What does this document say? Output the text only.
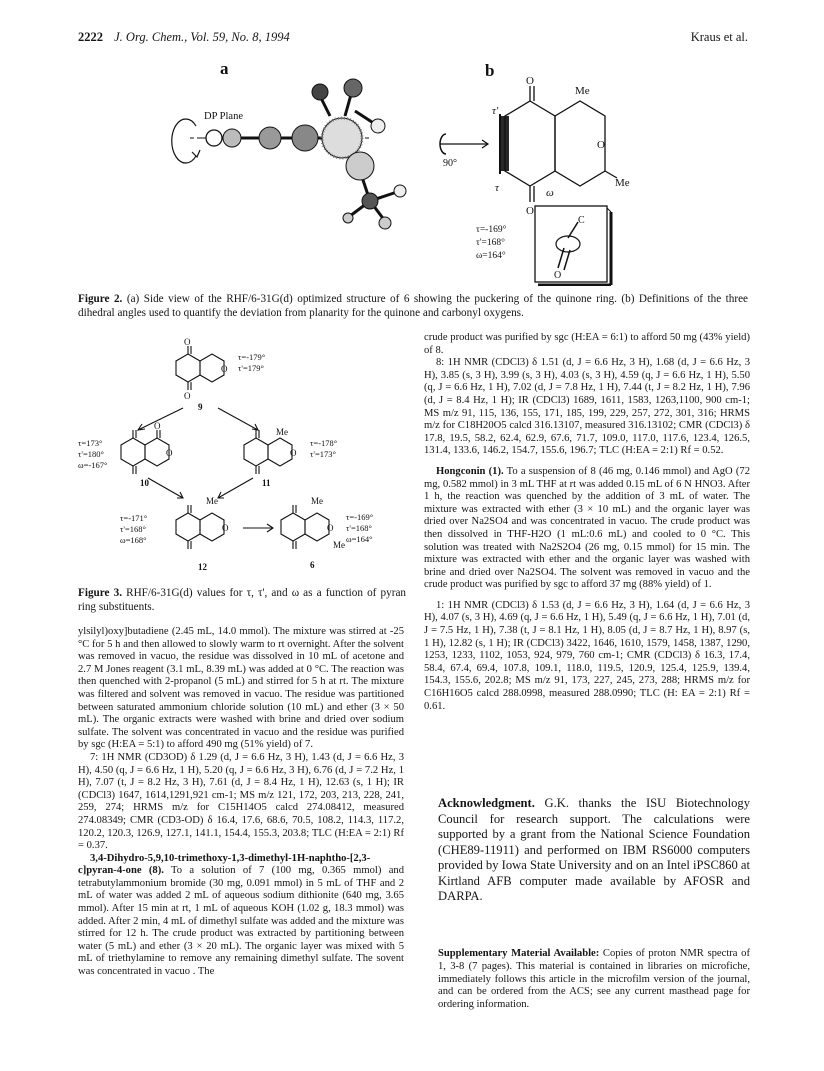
2222 J. Org. Chem., Vol. 59, No. 8, 1994	Kraus et al.
a
DP Plane
90°
b
O
O
O
Me
Me
τ'
τ	ω
τ=-169°
τ'=168°
ω=164°
C
O
Figure 2. (a) Side view of the RHF/6-31G(d) optimized structure of 6 showing the puckering of the quinone ring. (b) Definitions of the three dihedral angles used to quantify the deviation from planarity for the quinone and carbonyl oxygens.
O
O
O
9
τ=-179°
τ'=179°
O
O
10
τ=173°
τ'=180°
ω=-167°
Me
O
11
τ=-178°
τ'=173°
Me
O
12
τ=-171°
τ'=168°
ω=168°
Me
O
Me
6
τ=-169°
τ'=168°
ω=164°
Figure 3. RHF/6-31G(d) values for τ, τ', and ω as a function of pyran ring substituents.

ylsilyl)oxy]butadiene (2.45 mL, 14.0 mmol). The mixture was stirred at -25 °C for 5 h and then allowed to slowly warm to rt overnight. After the solvent was removed in vacuo, the residue was dissolved in 10 mL of acetone and 2.7 M Jones reagent (3.1 mL, 8.39 mL) was added at 0 °C. The reaction was then quenched with 2-propanol (5 mL) and stirred for 5 h at rt. The mixture was filtered and solvent was removed in vacuo. The residue was partitioned between saturated ammonium chloride solution (10 mL) and ether (3 × 50 mL). The organic extracts were washed with brine and dried over sodium sulfate. The solvent was concentrated in vacuo and the residue was purified by sgc (H:EA = 5:1) to afford 490 mg (51% yield) of 7.

7: 1H NMR (CD3OD) δ 1.29 (d, J = 6.6 Hz, 3 H), 1.43 (d, J = 6.6 Hz, 3 H), 4.50 (q, J = 6.6 Hz, 1 H), 5.20 (q, J = 6.6 Hz, 3 H), 6.76 (d, J = 7.2 Hz, 1 H), 7.07 (t, J = 8.2 Hz, 3 H), 7.61 (d, J = 8.4 Hz, 1 H), 12.63 (s, 1 H); IR (CDCl3) 1647, 1614,1291,921 cm-1; MS m/z 121, 172, 203, 213, 228, 241, 259, 274; HRMS m/z for C15H14O5 calcd 274.08412, measured 274.08349; CMR (CD3-OD) δ 16.4, 17.6, 68.6, 70.5, 108.2, 114.3, 117.2, 120.2, 120.3, 126.9, 127.1, 141.1, 154.4, 155.3, 203.8; TLC (H:EA = 2:1) Rf = 0.37.

3,4-Dihydro-5,9,10-trimethoxy-1,3-dimethyl-1H-naphtho-[2,3-c]pyran-4-one (8). To a solution of 7 (100 mg, 0.365 mmol) and tetrabutylammonium bromide (30 mg, 0.091 mmol) in 5 mL of THF and 2 mL of water was added 2 mL of aqueous sodium dithionite (640 mg, 3.65 mmol). After 15 min at rt, 1 mL of aqueous KOH (1.02 g, 18.3 mmol) was added. After 2 min, 4 mL of dimethyl sulfate was added and the mixture was stirred for 12 h. The crude product was extracted by partitioning between water (5 mL) and ether (3 × 20 mL). The organic layer was mixed with 5 mL of triethylamine to remove any remaining dimethyl sulfate. The sovent was concentrated in vacuo . The

crude product was purified by sgc (H:EA = 6:1) to afford 50 mg (43% yield) of 8.

8: 1H NMR (CDCl3) δ 1.51 (d, J = 6.6 Hz, 3 H), 1.68 (d, J = 6.6 Hz, 3 H), 3.85 (s, 3 H), 3.99 (s, 3 H), 4.03 (s, 3 H), 4.59 (q, J = 6.6 Hz, 1 H), 5.50 (q, J = 6.6 Hz, 1 H), 7.02 (d, J = 7.8 Hz, 1 H), 7.44 (t, J = 8.2 Hz, 1 H), 7.96 (d, J = 8.4 Hz, 1 H); IR (CDCl3) 1689, 1611, 1583, 1263,1100, 900 cm-1; MS m/z 91, 115, 136, 155, 171, 185, 199, 229, 257, 272, 301, 316; HRMS m/z for C18H20O5 calcd 316.13107, measured 316.13102; CMR (CDCl3) δ 17.8, 19.5, 58.2, 62.4, 62.9, 67.6, 71.7, 109.0, 117.0, 117.6, 123.4, 126.5, 131.4, 133.6, 146.2, 154.7, 155.6, 196.7; TLC (H:EA = 2:1) Rf = 0.52.

Hongconin (1). To a suspension of 8 (46 mg, 0.146 mmol) and AgO (72 mg, 0.582 mmol) in 3 mL THF at rt was added 0.15 mL of 6 N HNO3. After 1 h, the reaction was quenched by the addition of 3 mL of water. The mixture was extracted with ether (3 × 10 mL) and the organic layer was dried over Na2SO4 and was concentrated in vacuo. The crude product was then dissolved in THF-H2O (1 mL:0.6 mL) and cooled to 0 °C. This solution was treated with Na2S2O4 (26 mg, 0.15 mmol) for 15 min. The mixture was extracted with ether and the organic layer was washed with brine and dried over Na2SO4. The solvent was removed in vacuo and the crude product was purified by sgc to afford 37 mg (88% yield) of 1.

1: 1H NMR (CDCl3) δ 1.53 (d, J = 6.6 Hz, 3 H), 1.64 (d, J = 6.6 Hz, 3 H), 4.07 (s, 3 H), 4.69 (q, J = 6.6 Hz, 1 H), 5.49 (q, J = 6.6 Hz, 1 H), 7.01 (d, J = 7.5 Hz, 1 H), 7.38 (t, J = 8.1 Hz, 1 H), 8.05 (d, J = 8.7 Hz, 1 H), 8.97 (s, 1 H), 12.82 (s, 1 H); IR (CDCl3) 3422, 1646, 1610, 1579, 1458, 1387, 1290, 1253, 1233, 1102, 1053, 924, 979, 760 cm-1; CMR (CDCl3) δ 16.3, 17.4, 58.4, 67.4, 69.4, 107.8, 109.1, 118.0, 119.5, 120.9, 125.4, 125.9, 139.4, 154.3, 155.6, 202.8; MS m/z 91, 173, 227, 245, 273, 288; HRMS m/z for C16H16O5 calcd 288.0998, measured 288.0990; TLC (H: EA = 2:1) Rf = 0.61.

Acknowledgment. G.K. thanks the ISU Biotechnology Council for research support. The calculations were supported by a grant from the National Science Foundation (CHE89-11911) and performed on IBM RS6000 computers provided by Iowa State University and on an Intel iPSC860 at Kirtland AFB computer made available by AFOSR and DARPA.
Supplementary Material Available: Copies of proton NMR spectra of 1, 3-8 (7 pages). This material is contained in libraries on microfiche, immediately follows this article in the microfilm version of the journal, and can be ordered from the ACS; see any current masthead page for ordering information.
